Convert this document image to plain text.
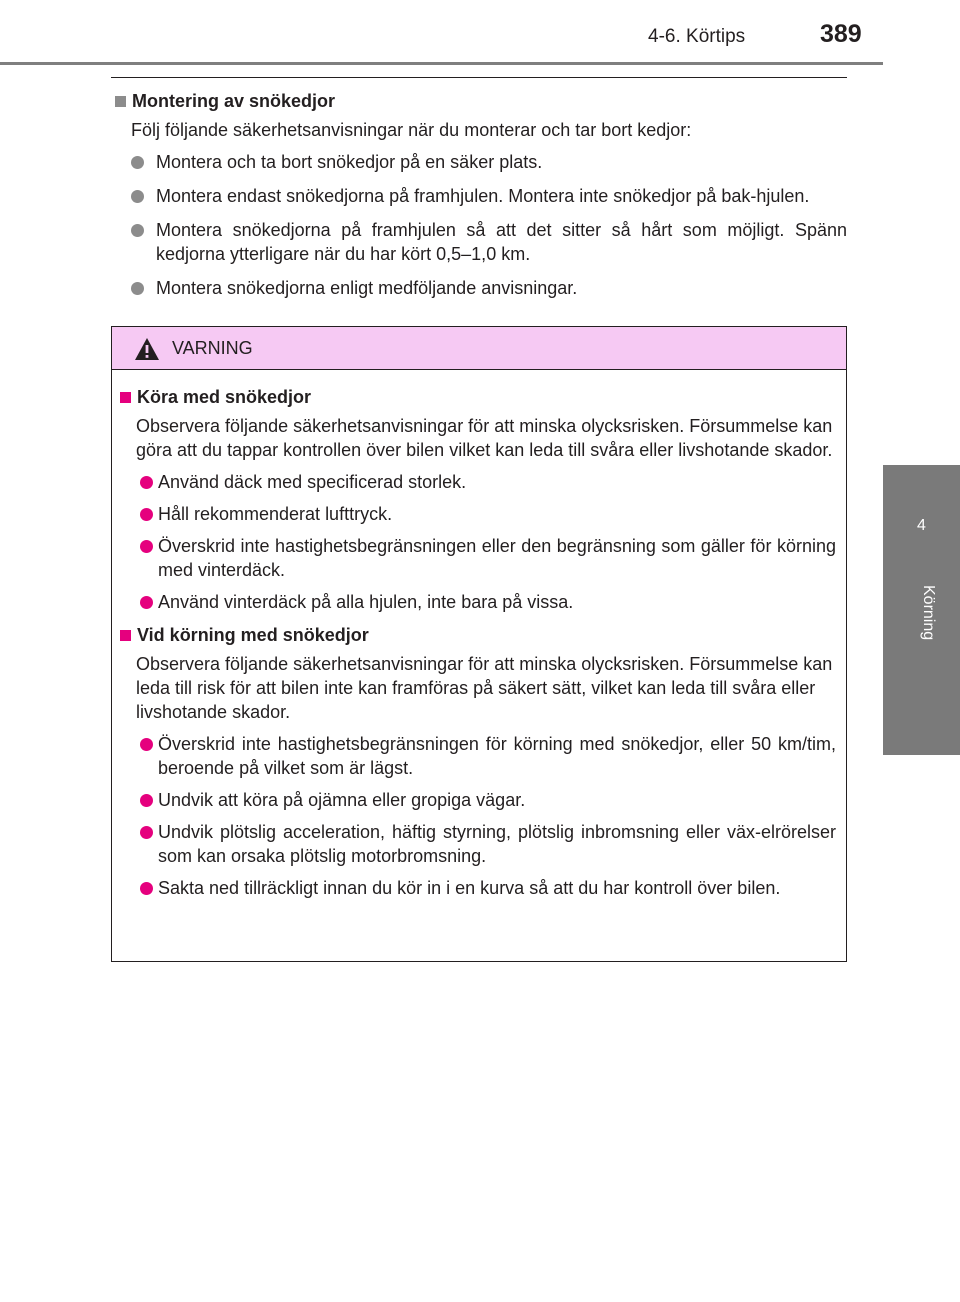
4-6. Körtips	389
4
Körning
Montering av snökedjor
Följ följande säkerhetsanvisningar när du monterar och tar bort kedjor:
Montera och ta bort snökedjor på en säker plats.
Montera endast snökedjorna på framhjulen. Montera inte snökedjor på bak-hjulen.
Montera snökedjorna på framhjulen så att det sitter så hårt som möjligt. Spänn kedjorna ytterligare när du har kört 0,5–1,0 km.
Montera snökedjorna enligt medföljande anvisningar.
VARNING
Köra med snökedjor
Observera följande säkerhetsanvisningar för att minska olycksrisken. Försummelse kan göra att du tappar kontrollen över bilen vilket kan leda till svåra eller livshotande skador.
Använd däck med specificerad storlek.
Håll rekommenderat lufttryck.
Överskrid inte hastighetsbegränsningen eller den begränsning som gäller för körning med vinterdäck.
Använd vinterdäck på alla hjulen, inte bara på vissa.
Vid körning med snökedjor
Observera följande säkerhetsanvisningar för att minska olycksrisken. Försummelse kan leda till risk för att bilen inte kan framföras på säkert sätt, vilket kan leda till svåra eller livshotande skador.
Överskrid inte hastighetsbegränsningen för körning med snökedjor, eller 50 km/tim, beroende på vilket som är lägst.
Undvik att köra på ojämna eller gropiga vägar.
Undvik plötslig acceleration, häftig styrning, plötslig inbromsning eller väx-elrörelser som kan orsaka plötslig motorbromsning.
Sakta ned tillräckligt innan du kör in i en kurva så att du har kontroll över bilen.
